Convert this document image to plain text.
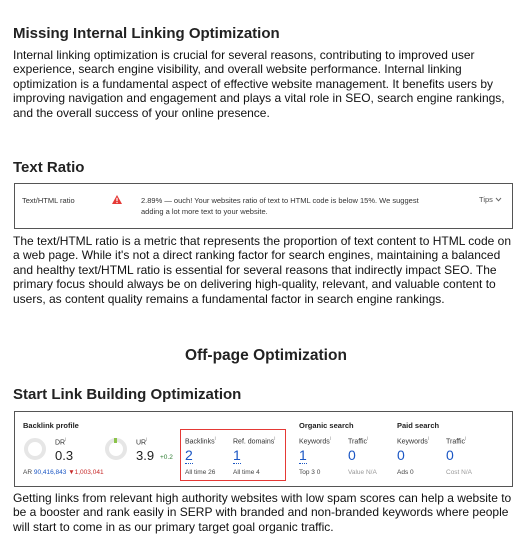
Missing Internal Linking Optimization

Internal linking optimization is crucial for several reasons, contributing to improved user experience, search engine visibility, and overall website performance. Internal linking optimization is a fundamental aspect of effective website management. It benefits users by improving navigation and engagement and plays a vital role in SEO, search engine rankings, and the overall success of your online presence.

Text Ratio
Text/HTML ratio	2.89% — ouch! Your websites ratio of text to HTML code is below 15%. We suggest adding a lot more text to your website.
Tips

The text/HTML ratio is a metric that represents the proportion of text content to HTML code on a web page. While it's not a direct ranking factor for search engines, maintaining a balanced and healthy text/HTML ratio is essential for several reasons that indirectly impact SEO. The primary focus should always be on delivering high-quality, relevant, and valuable content to users, as content quality remains a fundamental factor in search engine rankings.

Off-page Optimization
Start Link Building Optimization
Backlink profile
$DR^i$
0.3
AR 90,416,843 ▼1,003,041
$UR^i$
3.9 +0.2
Backlinks$^i$
2
All time 26
Ref. domains$^i$
1
All time 4
Organic search
Keywords$^i$
1
Top 3 0
Traffic$^i$
0
Value N/A
Paid search
Keywords$^i$
0
Ads 0
Traffic$^i$
0
Cost N/A

Getting links from relevant high authority websites with low spam scores can help a website to be a booster and rank easily in SERP with branded and non-branded keywords where people will start to come in as our primary target goal organic traffic.
